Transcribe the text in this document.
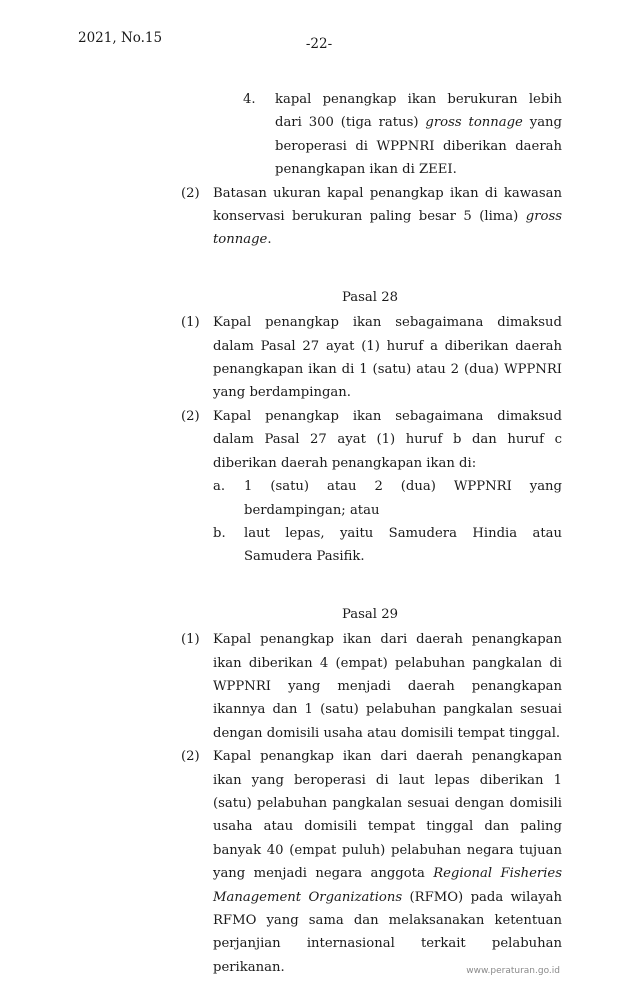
2021, No.15	-22-
4. kapal penangkap ikan berukuran lebih dari 300 (tiga ratus) gross tonnage yang beroperasi di WPPNRI diberikan daerah penangkapan ikan di ZEEI.
(2) Batasan ukuran kapal penangkap ikan di kawasan konservasi berukuran paling besar 5 (lima) gross tonnage.
Pasal 28
(1) Kapal penangkap ikan sebagaimana dimaksud dalam Pasal 27 ayat (1) huruf a diberikan daerah penangkapan ikan di 1 (satu) atau 2 (dua) WPPNRI yang berdampingan.
(2) Kapal penangkap ikan sebagaimana dimaksud dalam Pasal 27 ayat (1) huruf b dan huruf c diberikan daerah penangkapan ikan di:
a. 1 (satu) atau 2 (dua) WPPNRI yang berdampingan; atau
b. laut lepas, yaitu Samudera Hindia atau Samudera Pasifik.
Pasal 29
(1) Kapal penangkap ikan dari daerah penangkapan ikan diberikan 4 (empat) pelabuhan pangkalan di WPPNRI yang menjadi daerah penangkapan ikannya dan 1 (satu) pelabuhan pangkalan sesuai dengan domisili usaha atau domisili tempat tinggal.
(2) Kapal penangkap ikan dari daerah penangkapan ikan yang beroperasi di laut lepas diberikan 1 (satu) pelabuhan pangkalan sesuai dengan domisili usaha atau domisili tempat tinggal dan paling banyak 40 (empat puluh) pelabuhan negara tujuan yang menjadi negara anggota Regional Fisheries Management Organizations (RFMO) pada wilayah RFMO yang sama dan melaksanakan ketentuan perjanjian internasional terkait pelabuhan perikanan.	www.peraturan.go.id
